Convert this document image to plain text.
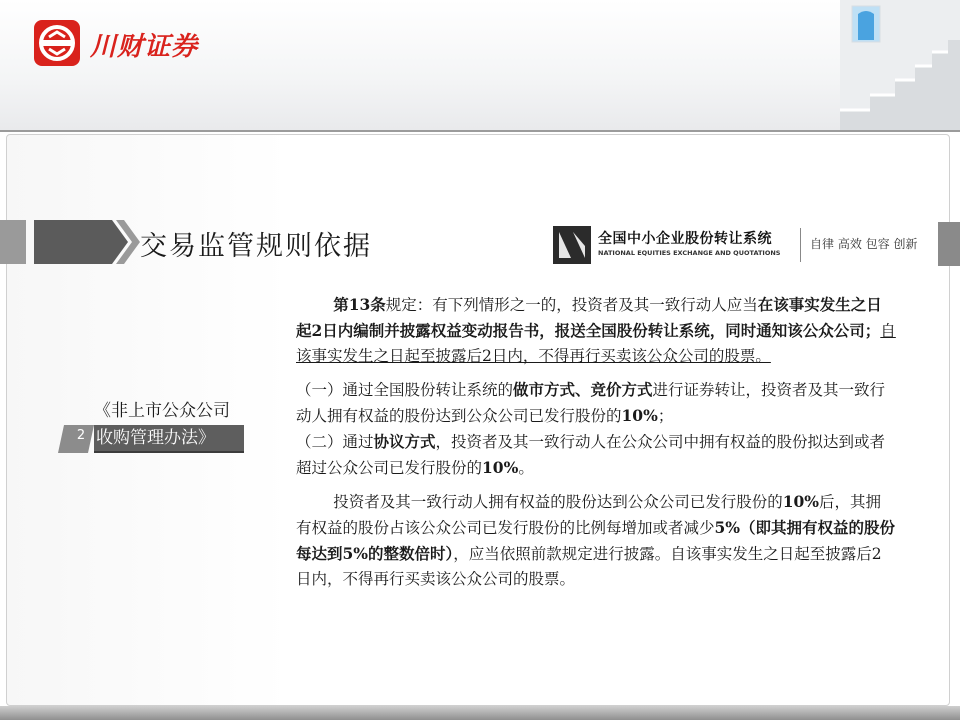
川财证券
交易监管规则依据	全国中小企业股份转让系统
NATIONAL EQUITIES EXCHANGE AND QUOTATIONS
自律 高效 包容 创新
2
《非上市公众公司
收购管理办法》

第13条规定：有下列情形之一的，投资者及其一致行动人应当在该事实发生之日起2日内编制并披露权益变动报告书，报送全国股份转让系统，同时通知该公众公司；自该事实发生之日起至披露后2日内，不得再行买卖该公众公司的股票。

（一）通过全国股份转让系统的做市方式、竞价方式进行证券转让，投资者及其一致行动人拥有权益的股份达到公众公司已发行股份的10%；

（二）通过协议方式，投资者及其一致行动人在公众公司中拥有权益的股份拟达到或者超过公众公司已发行股份的10%。

投资者及其一致行动人拥有权益的股份达到公众公司已发行股份的10%后，其拥有权益的股份占该公众公司已发行股份的比例每增加或者减少5%（即其拥有权益的股份每达到5%的整数倍时），应当依照前款规定进行披露。自该事实发生之日起至披露后2日内，不得再行买卖该公众公司的股票。
